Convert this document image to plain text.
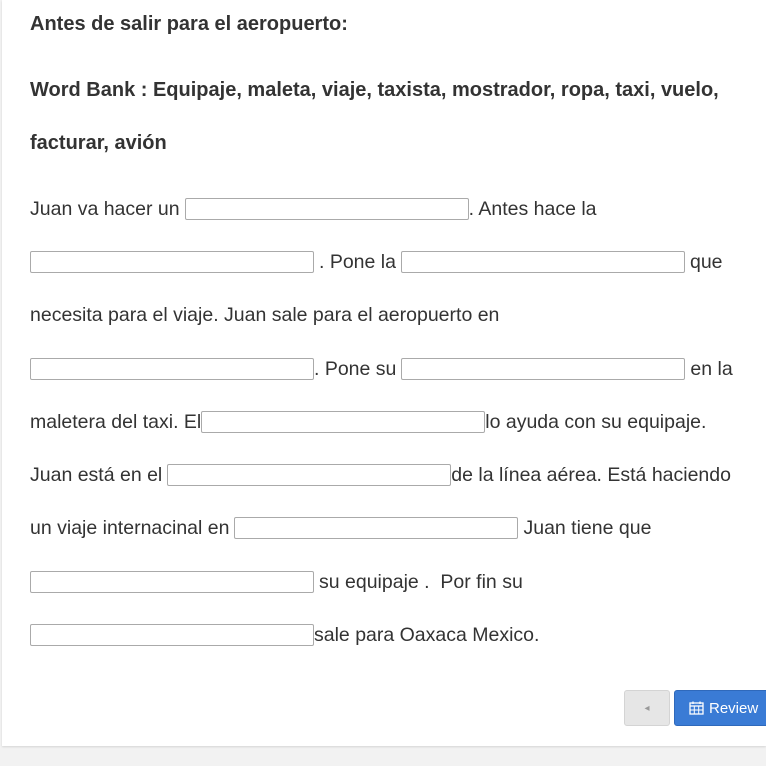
Antes de salir para el aeropuerto:
Word Bank : Equipaje, maleta, viaje, taxista, mostrador, ropa, taxi, vuelo,
facturar, avión
Juan va hacer un	. Antes hace la
. Pone la	que
necesita para el viaje. Juan sale para el aeropuerto en
. Pone su	en la
maletera del taxi. El	lo ayuda con su equipaje.
Juan está en el	de la línea aérea. Está haciendo
un viaje internacinal en	Juan tiene que
su equipaje .  Por fin su
sale para Oaxaca Mexico.
◂	Review
